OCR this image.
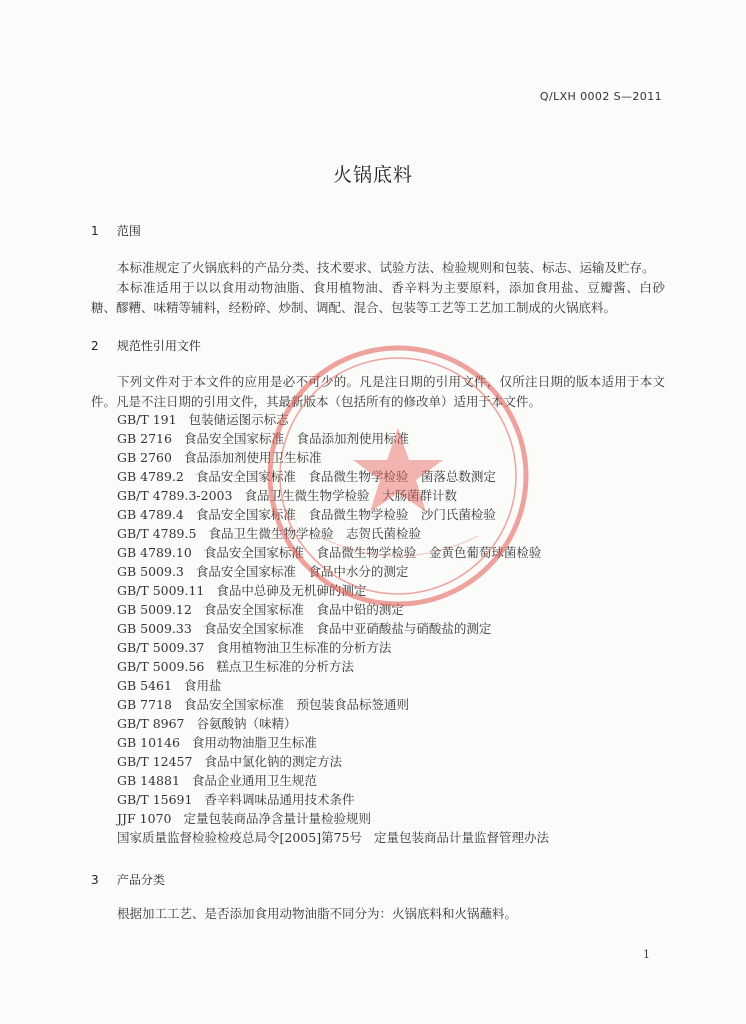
Q/LXH 0002 S—2011
火锅底料
1 范围
本标准规定了火锅底料的产品分类、技术要求、试验方法、检验规则和包装、标志、运输及贮存。
本标准适用于以以食用动物油脂、食用植物油、香辛料为主要原料，添加食用盐、豆瓣酱、白砂糖、醪糟、味精等辅料，经粉碎、炒制、调配、混合、包装等工艺等工艺加工制成的火锅底料。
2 规范性引用文件
下列文件对于本文件的应用是必不可少的。凡是注日期的引用文件，仅所注日期的版本适用于本文件。凡是不注日期的引用文件，其最新版本（包括所有的修改单）适用于本文件。
GB/T 191 包装储运图示标志
GB 2716 食品安全国家标准　食品添加剂使用标准
GB 2760 食品添加剂使用卫生标准
GB 4789.2 食品安全国家标准　食品微生物学检验　菌落总数测定
GB/T 4789.3-2003 食品卫生微生物学检验　大肠菌群计数
GB 4789.4 食品安全国家标准　食品微生物学检验　沙门氏菌检验
GB/T 4789.5 食品卫生微生物学检验　志贺氏菌检验
GB 4789.10 食品安全国家标准　食品微生物学检验　金黄色葡萄球菌检验
GB 5009.3 食品安全国家标准　食品中水分的测定
GB/T 5009.11 食品中总砷及无机砷的测定
GB 5009.12 食品安全国家标准　食品中铅的测定
GB 5009.33 食品安全国家标准　食品中亚硝酸盐与硝酸盐的测定
GB/T 5009.37 食用植物油卫生标准的分析方法
GB/T 5009.56 糕点卫生标准的分析方法
GB 5461 食用盐
GB 7718 食品安全国家标准　预包装食品标签通则
GB/T 8967 谷氨酸钠（味精）
GB 10146 食用动物油脂卫生标准
GB/T 12457 食品中氯化钠的测定方法
GB 14881 食品企业通用卫生规范
GB/T 15691 香辛料调味品通用技术条件
JJF 1070 定量包装商品净含量计量检验规则
国家质量监督检验检疫总局令[2005]第75号 定量包装商品计量监督管理办法
3 产品分类
根据加工工艺、是否添加食用动物油脂不同分为：火锅底料和火锅蘸料。
1
